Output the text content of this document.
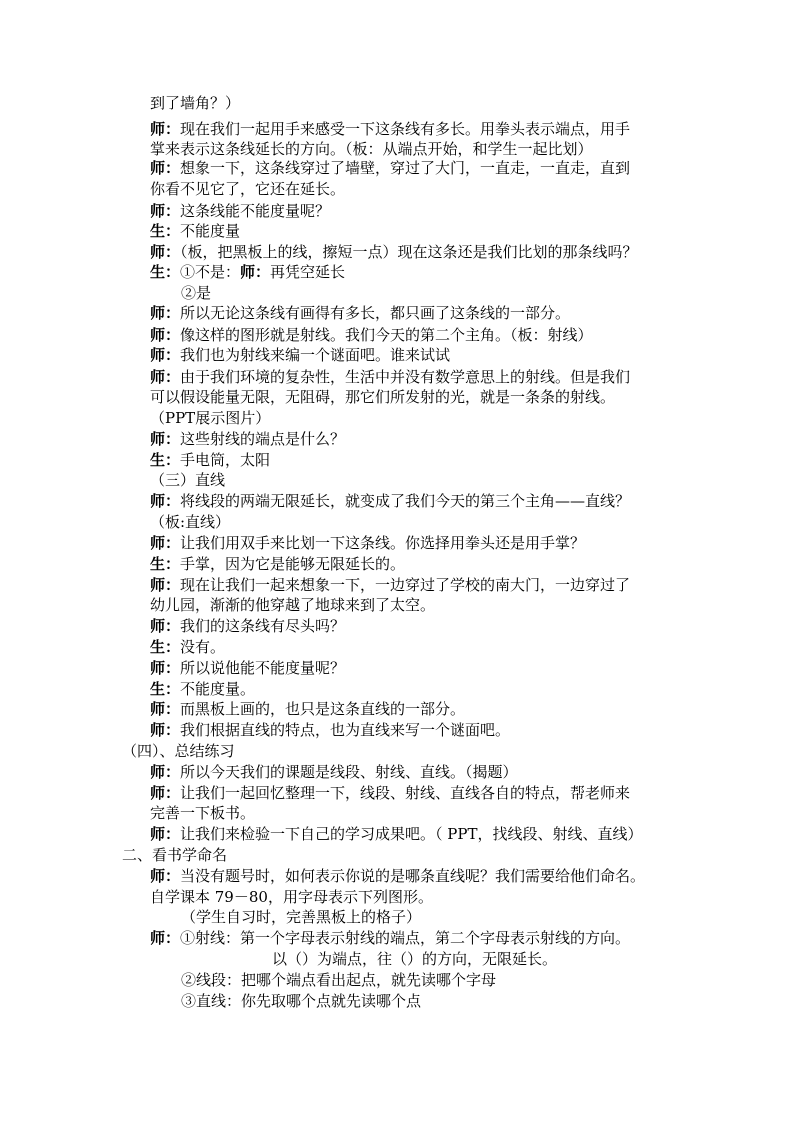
到了墙角？）
师：现在我们一起用手来感受一下这条线有多长。用拳头表示端点，用手
掌来表示这条线延长的方向。（板：从端点开始，和学生一起比划）
师：想象一下，这条线穿过了墙壁，穿过了大门，一直走，一直走，直到
你看不见它了，它还在延长。
师：这条线能不能度量呢？
生：不能度量
师：（板，把黑板上的线，擦短一点）现在这条还是我们比划的那条线吗？
生：①不是：师：再凭空延长
②是
师：所以无论这条线有画得有多长，都只画了这条线的一部分。
师：像这样的图形就是射线。我们今天的第二个主角。（板：射线）
师：我们也为射线来编一个谜面吧。谁来试试
师：由于我们环境的复杂性，生活中并没有数学意思上的射线。但是我们
可以假设能量无限，无阻碍，那它们所发射的光，就是一条条的射线。
（PPT展示图片）
师：这些射线的端点是什么？
生：手电筒，太阳
（三）直线
师：将线段的两端无限延长，就变成了我们今天的第三个主角——直线？
（板:直线）
师：让我们用双手来比划一下这条线。你选择用拳头还是用手掌？
生：手掌，因为它是能够无限延长的。
师：现在让我们一起来想象一下，一边穿过了学校的南大门，一边穿过了
幼儿园，渐渐的他穿越了地球来到了太空。
师：我们的这条线有尽头吗？
生：没有。
师：所以说他能不能度量呢？
生：不能度量。
师：而黑板上画的，也只是这条直线的一部分。
师：我们根据直线的特点，也为直线来写一个谜面吧。
（四）、总结练习
师：所以今天我们的课题是线段、射线、直线。（揭题）
师：让我们一起回忆整理一下，线段、射线、直线各自的特点，帮老师来
完善一下板书。
师：让我们来检验一下自己的学习成果吧。（ PPT，找线段、射线、直线）
二、看书学命名
师：当没有题号时，如何表示你说的是哪条直线呢？我们需要给他们命名。
自学课本 79－80，用字母表示下列图形。
（学生自习时，完善黑板上的格子）
师：①射线：第一个字母表示射线的端点，第二个字母表示射线的方向。
以（）为端点，往（）的方向，无限延长。
②线段：把哪个端点看出起点，就先读哪个字母
③直线：你先取哪个点就先读哪个点
